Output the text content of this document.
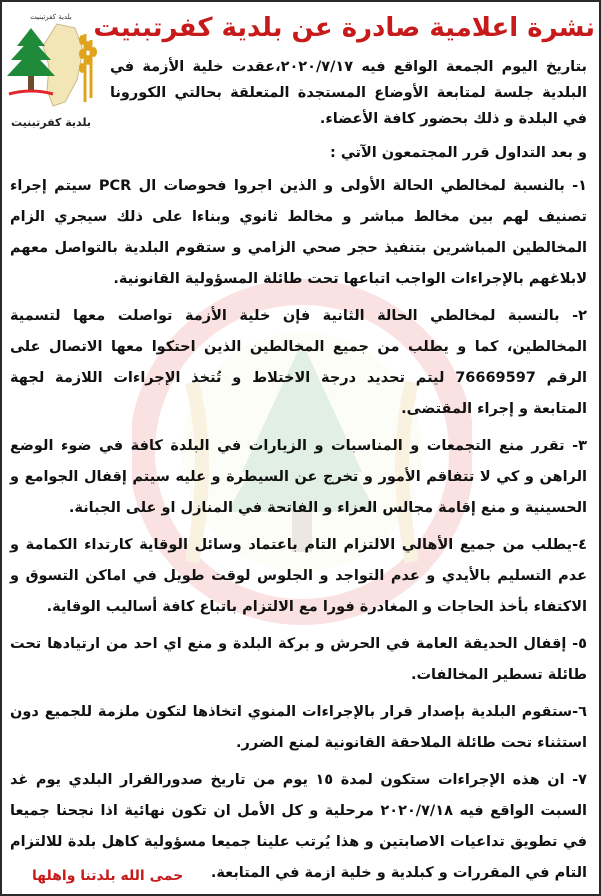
نشرة اعلامية صادرة عن بلدية كفرتبنيت
بلدية كفرتبنيت
بلدية كفرتبنيت

بتاريخ اليوم الجمعة الواقع فيه ٢٠٢٠/٧/١٧،عقدت خلية الأزمة في البلدية جلسة لمتابعة الأوضاع المستجدة المتعلقة بحالتي الكورونا في البلدة و ذلك بحضور كافة الأعضاء.

و بعد التداول قرر المجتمعون الآتي :

١- بالنسبة لمخالطي الحالة الأولى و الذين اجروا فحوصات ال PCR سيتم إجراء تصنيف لهم بين مخالط مباشر و مخالط ثانوي وبناءا على ذلك سيجري الزام المخالطين المباشرين بتنفيذ حجر صحي الزامي و ستقوم البلدية بالتواصل معهم لابلاغهم بالإجراءات الواجب اتباعها تحت طائلة المسؤولية القانونية.

٢- بالنسبة لمخالطي الحالة الثانية فإن خلية الأزمة تواصلت معها لتسمية المخالطين، كما و يطلب من جميع المخالطين الذين احتكوا معها الاتصال على الرقم 76669597 ليتم تحديد درجة الاختلاط و تُتخذ الإجراءات اللازمة لجهة المتابعة و إجراء المقتضى.

٣- تقرر منع التجمعات و المناسبات و الزيارات في البلدة كافة في ضوء الوضع الراهن و كي لا تتفاقم الأمور و تخرج عن السيطرة و عليه سيتم إقفال الجوامع و الحسينية و منع إقامة مجالس العزاء و الفاتحة في المنازل او على الجبانة.

٤-يطلب من جميع الأهالي الالتزام التام باعتماد وسائل الوقاية كارتداء الكمامة و عدم التسليم بالأيدي و عدم التواجد و الجلوس لوقت طويل في اماكن التسوق و الاكتفاء بأخذ الحاجات و المغادرة فورا مع الالتزام باتباع كافة أساليب الوقاية.

٥- إقفال الحديقة العامة في الحرش و بركة البلدة و منع اي احد من ارتيادها تحت طائلة تسطير المخالفات.

٦-ستقوم البلدية بإصدار قرار بالإجراءات المنوي اتخاذها لتكون ملزمة للجميع دون استثناء تحت طائلة الملاحقة القانونية لمنع الضرر.

٧- ان هذه الإجراءات ستكون لمدة ١٥ يوم من تاريخ صدورالقرار البلدي يوم غد السبت الواقع فيه ٢٠٢٠/٧/١٨ مرحلية و كل الأمل ان تكون نهائية اذا نجحنا جميعا في تطويق تداعيات الاصابتين و هذا يُرتب علينا جميعا مسؤولية كاهل بلدة للالتزام التام في المقررات و كبلدية و خلية ازمة في المتابعة.

حمى الله بلدتنا واهلها
